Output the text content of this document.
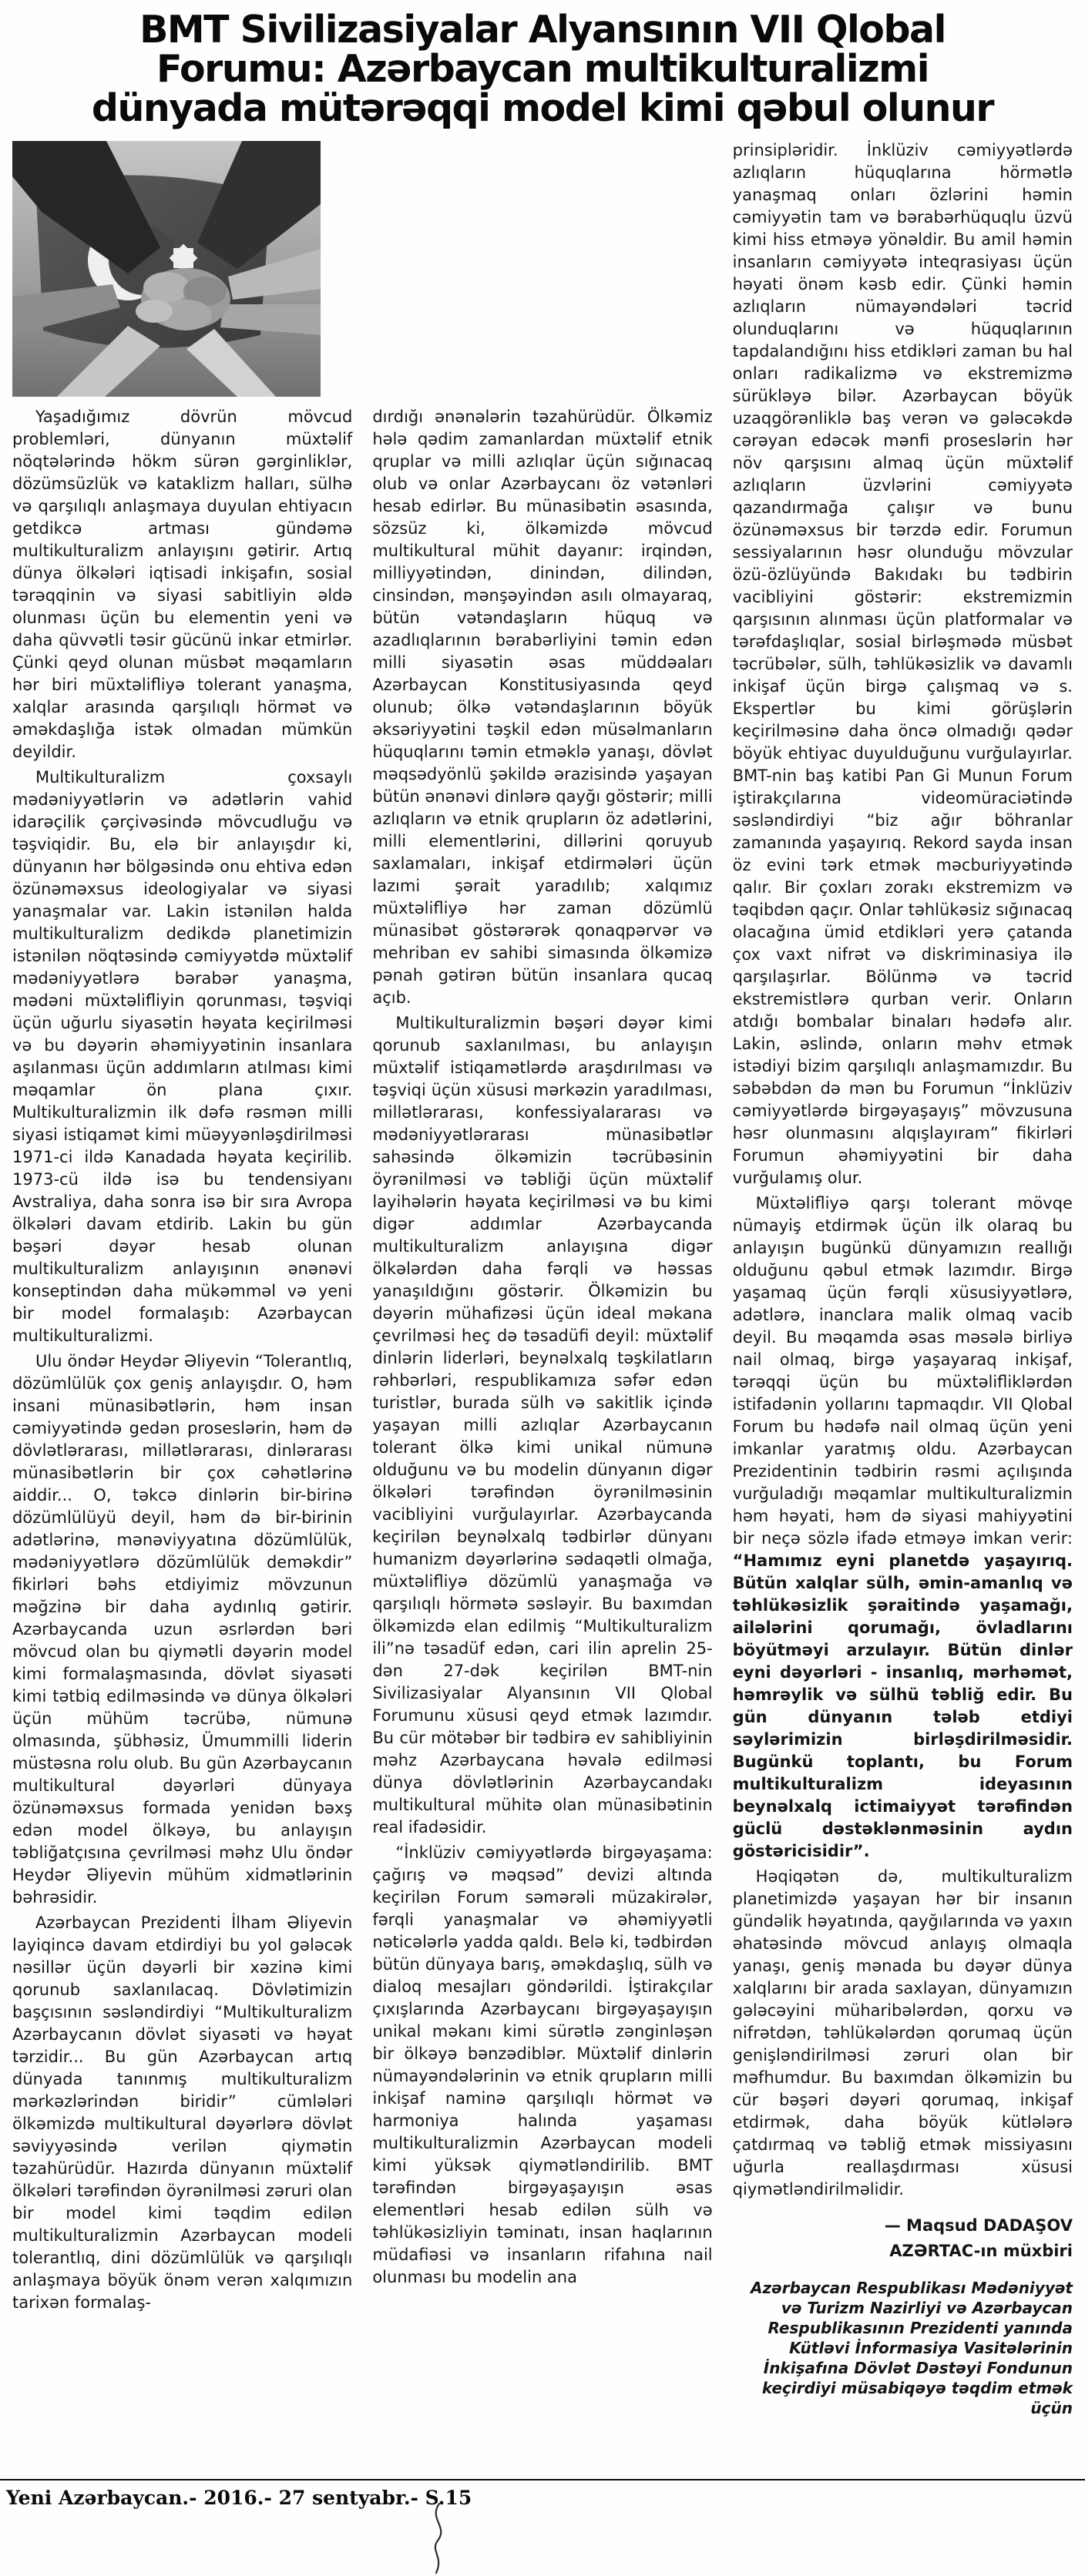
BMT Sivilizasiyalar Alyansının VII Qlobal
Forumu: Azərbaycan multikulturalizmi
dünyada mütərəqqi model kimi qəbul olunur

Yaşadığımız dövrün mövcud problemləri, dünyanın müxtəlif nöqtələrində hökm sürən gərginliklər, dözümsüzlük və kataklizm halları, sülhə və qarşılıqlı anlaşmaya duyulan ehtiyacın getdikcə artması gündəmə multikulturalizm anlayışını gətirir. Artıq dünya ölkələri iqtisadi inkişafın, sosial tərəqqinin və siyasi sabitliyin əldə olunması üçün bu elementin yeni və daha qüvvətli təsir gücünü inkar etmirlər. Çünki qeyd olunan müsbət məqamların hər biri müxtəlifliyə tolerant yanaşma, xalqlar arasında qarşılıqlı hörmət və əməkdaşlığa istək olmadan mümkün deyildir.

Multikulturalizm çoxsaylı mədəniyyətlərin və adətlərin vahid idarəçilik çərçivəsində mövcudluğu və təşviqidir. Bu, elə bir anlayışdır ki, dünyanın hər bölgəsində onu ehtiva edən özünəməxsus ideologiyalar və siyasi yanaşmalar var. Lakin istənilən halda multikulturalizm dedikdə planetimizin istənilən nöqtəsində cəmiyyətdə müxtəlif mədəniyyətlərə bərabər yanaşma, mədəni müxtəlifliyin qorunması, təşviqi üçün uğurlu siyasətin həyata keçirilməsi və bu dəyərin əhəmiyyətinin insanlara aşılanması üçün addımların atılması kimi məqamlar ön plana çıxır. Multikulturalizmin ilk dəfə rəsmən milli siyasi istiqamət kimi müəyyənləşdirilməsi 1971-ci ildə Kanadada həyata keçirilib. 1973-cü ildə isə bu tendensiyanı Avstraliya, daha sonra isə bir sıra Avropa ölkələri davam etdirib. Lakin bu gün bəşəri dəyər hesab olunan multikulturalizm anlayışının ənənəvi konseptindən daha mükəmməl və yeni bir model formalaşıb: Azərbaycan multikulturalizmi.

Ulu öndər Heydər Əliyevin “Tolerantlıq, dözümlülük çox geniş anlayışdır. O, həm insani münasibətlərin, həm insan cəmiyyətində gedən proseslərin, həm də dövlətlərarası, millətlərarası, dinlərarası münasibətlərin bir çox cəhətlərinə aiddir... O, təkcə dinlərin bir-birinə dözümlülüyü deyil, həm də bir-birinin adətlərinə, mənəviyyatına dözümlülük, mədəniyyətlərə dözümlülük deməkdir” fikirləri bəhs etdiyimiz mövzunun məğzinə bir daha aydınlıq gətirir. Azərbaycanda uzun əsrlərdən bəri mövcud olan bu qiymətli dəyərin model kimi formalaşmasında, dövlət siyasəti kimi tətbiq edilməsində və dünya ölkələri üçün mühüm təcrübə, nümunə olmasında, şübhəsiz, Ümummilli liderin müstəsna rolu olub. Bu gün Azərbaycanın multikultural dəyərləri dünyaya özünəməxsus formada yenidən bəxş edən model ölkəyə, bu anlayışın təbliğatçısına çevrilməsi məhz Ulu öndər Heydər Əliyevin mühüm xidmətlərinin bəhrəsidir.

Azərbaycan Prezidenti İlham Əliyevin layiqincə davam etdirdiyi bu yol gələcək nəsillər üçün dəyərli bir xəzinə kimi qorunub saxlanılacaq. Dövlətimizin başçısının səsləndirdiyi “Multikulturalizm Azərbaycanın dövlət siyasəti və həyat tərzidir... Bu gün Azərbaycan artıq dünyada tanınmış multikulturalizm mərkəzlərindən biridir” cümlələri ölkəmizdə multikultural dəyərlərə dövlət səviyyəsində verilən qiymətin təzahürüdür. Hazırda dünyanın müxtəlif ölkələri tərəfindən öyrənilməsi zəruri olan bir model kimi təqdim edilən multikulturalizmin Azərbaycan modeli tolerantlıq, dini dözümlülük və qarşılıqlı anlaşmaya böyük önəm verən xalqımızın tarixən formalaş-

dırdığı ənənələrin təzahürüdür. Ölkəmiz hələ qədim zamanlardan müxtəlif etnik qruplar və milli azlıqlar üçün sığınacaq olub və onlar Azərbaycanı öz vətənləri hesab edirlər. Bu münasibətin əsasında, sözsüz ki, ölkəmizdə mövcud multikultural mühit dayanır: irqindən, milliyyətindən, dinindən, dilindən, cinsindən, mənşəyindən asılı olmayaraq, bütün vətəndaşların hüquq və azadlıqlarının bərabərliyini təmin edən milli siyasətin əsas müddəaları Azərbaycan Konstitusiyasında qeyd olunub; ölkə vətəndaşlarının böyük əksəriyyətini təşkil edən müsəlmanların hüquqlarını təmin etməklə yanaşı, dövlət məqsədyönlü şəkildə ərazisində yaşayan bütün ənənəvi dinlərə qayğı göstərir; milli azlıqların və etnik qrupların öz adətlərini, milli elementlərini, dillərini qoruyub saxlamaları, inkişaf etdirmələri üçün lazımi şərait yaradılıb; xalqımız müxtəlifliyə hər zaman dözümlü münasibət göstərərək qonaqpərvər və mehriban ev sahibi simasında ölkəmizə pənah gətirən bütün insanlara qucaq açıb.

Multikulturalizmin bəşəri dəyər kimi qorunub saxlanılması, bu anlayışın müxtəlif istiqamətlərdə araşdırılması və təşviqi üçün xüsusi mərkəzin yaradılması, millətlərarası, konfessiyalararası və mədəniyyətlərarası münasibətlər sahəsində ölkəmizin təcrübəsinin öyrənilməsi və təbliği üçün müxtəlif layihələrin həyata keçirilməsi və bu kimi digər addımlar Azərbaycanda multikulturalizm anlayışına digər ölkələrdən daha fərqli və həssas yanaşıldığını göstərir. Ölkəmizin bu dəyərin mühafizəsi üçün ideal məkana çevrilməsi heç də təsadüfi deyil: müxtəlif dinlərin liderləri, beynəlxalq təşkilatların rəhbərləri, respublikamıza səfər edən turistlər, burada sülh və sakitlik içində yaşayan milli azlıqlar Azərbaycanın tolerant ölkə kimi unikal nümunə olduğunu və bu modelin dünyanın digər ölkələri tərəfindən öyrənilməsinin vacibliyini vurğulayırlar. Azərbaycanda keçirilən beynəlxalq tədbirlər dünyanı humanizm dəyərlərinə sədaqətli olmağa, müxtəlifliyə dözümlü yanaşmağa və qarşılıqlı hörmətə səsləyir. Bu baxımdan ölkəmizdə elan edilmiş “Multikulturalizm ili”nə təsadüf edən, cari ilin aprelin 25-dən 27-dək keçirilən BMT-nin Sivilizasiyalar Alyansının VII Qlobal Forumunu xüsusi qeyd etmək lazımdır. Bu cür mötəbər bir tədbirə ev sahibliyinin məhz Azərbaycana həvalə edilməsi dünya dövlətlərinin Azərbaycandakı multikultural mühitə olan münasibətinin real ifadəsidir.

“İnklüziv cəmiyyətlərdə birgəyaşama: çağırış və məqsəd” devizi altında keçirilən Forum səmərəli müzakirələr, fərqli yanaşmalar və əhəmiyyətli nəticələrlə yadda qaldı. Belə ki, tədbirdən bütün dünyaya barış, əməkdaşlıq, sülh və dialoq mesajları göndərildi. İştirakçılar çıxışlarında Azərbaycanı birgəyaşayışın unikal məkanı kimi sürətlə zənginləşən bir ölkəyə bənzədiblər. Müxtəlif dinlərin nümayəndələrinin və etnik qrupların milli inkişaf naminə qarşılıqlı hörmət və harmoniya halında yaşaması multikulturalizmin Azərbaycan modeli kimi yüksək qiymətləndirilib. BMT tərəfindən birgəyaşayışın əsas elementləri hesab edilən sülh və təhlükəsizliyin təminatı, insan haqlarının müdafiəsi və insanların rifahına nail olunması bu modelin ana

prinsipləridir. İnklüziv cəmiyyətlərdə azlıqların hüquqlarına hörmətlə yanaşmaq onları özlərini həmin cəmiyyətin tam və bərabərhüquqlu üzvü kimi hiss etməyə yönəldir. Bu amil həmin insanların cəmiyyətə inteqrasiyası üçün həyati önəm kəsb edir. Çünki həmin azlıqların nümayəndələri təcrid olunduqlarını və hüquqlarının tapdalandığını hiss etdikləri zaman bu hal onları radikalizmə və ekstremizmə sürükləyə bilər. Azərbaycan böyük uzaqgörənliklə baş verən və gələcəkdə cərəyan edəcək mənfi proseslərin hər növ qarşısını almaq üçün müxtəlif azlıqların üzvlərini cəmiyyətə qazandırmağa çalışır və bunu özünəməxsus bir tərzdə edir. Forumun sessiyalarının həsr olunduğu mövzular özü-özlüyündə Bakıdakı bu tədbirin vacibliyini göstərir: ekstremizmin qarşısının alınması üçün platformalar və tərəfdaşlıqlar, sosial birləşmədə müsbət təcrübələr, sülh, təhlükəsizlik və davamlı inkişaf üçün birgə çalışmaq və s. Ekspertlər bu kimi görüşlərin keçirilməsinə daha öncə olmadığı qədər böyük ehtiyac duyulduğunu vurğulayırlar. BMT-nin baş katibi Pan Gi Munun Forum iştirakçılarına videomüraciətində səsləndirdiyi “biz ağır böhranlar zamanında yaşayırıq. Rekord sayda insan öz evini tərk etmək məcburiyyətində qalır. Bir çoxları zorakı ekstremizm və təqibdən qaçır. Onlar təhlükəsiz sığınacaq olacağına ümid etdikləri yerə çatanda çox vaxt nifrət və diskriminasiya ilə qarşılaşırlar. Bölünmə və təcrid ekstremistlərə qurban verir. Onların atdığı bombalar binaları hədəfə alır. Lakin, əslində, onların məhv etmək istədiyi bizim qarşılıqlı anlaşmamızdır. Bu səbəbdən də mən bu Forumun “İnklüziv cəmiyyətlərdə birgəyaşayış” mövzusuna həsr olunmasını alqışlayıram” fikirləri Forumun əhəmiyyətini bir daha vurğulamış olur.

Müxtəlifliyə qarşı tolerant mövqe nümayiş etdirmək üçün ilk olaraq bu anlayışın bugünkü dünyamızın reallığı olduğunu qəbul etmək lazımdır. Birgə yaşamaq üçün fərqli xüsusiyyətlərə, adətlərə, inanclara malik olmaq vacib deyil. Bu məqamda əsas məsələ birliyə nail olmaq, birgə yaşayaraq inkişaf, tərəqqi üçün bu müxtəlifliklərdən istifadənin yollarını tapmaqdır. VII Qlobal Forum bu hədəfə nail olmaq üçün yeni imkanlar yaratmış oldu. Azərbaycan Prezidentinin tədbirin rəsmi açılışında vurğuladığı məqamlar multikulturalizmin həm həyati, həm də siyasi mahiyyətini bir neçə sözlə ifadə etməyə imkan verir: “Hamımız eyni planetdə yaşayırıq. Bütün xalqlar sülh, əmin-amanlıq və təhlükəsizlik şəraitində yaşamağı, ailələrini qorumağı, övladlarını böyütməyi arzulayır. Bütün dinlər eyni dəyərləri - insanlıq, mərhəmət, həmrəylik və sülhü təbliğ edir. Bu gün dünyanın tələb etdiyi səylərimizin birləşdirilməsidir. Bugünkü toplantı, bu Forum multikulturalizm ideyasının beynəlxalq ictimaiyyət tərəfindən güclü dəstəklənməsinin aydın göstəricisidir”.

Həqiqətən də, multikulturalizm planetimizdə yaşayan hər bir insanın gündəlik həyatında, qayğılarında və yaxın əhatəsində mövcud anlayış olmaqla yanaşı, geniş mənada bu dəyər dünya xalqlarını bir arada saxlayan, dünyamızın gələcəyini müharibələrdən, qorxu və nifrətdən, təhlükələrdən qorumaq üçün genişləndirilməsi zəruri olan bir məfhumdur. Bu baxımdan ölkəmizin bu cür bəşəri dəyəri qorumaq, inkişaf etdirmək, daha böyük kütlələrə çatdırmaq və təbliğ etmək missiyasını uğurla reallaşdırması xüsusi qiymətləndirilməlidir.

— Maqsud DADAŞOV

AZƏRTAC-ın müxbiri

Azərbaycan Respublikası Mədəniyyət və Turizm Nazirliyi və Azərbaycan Respublikasının Prezidenti yanında Kütləvi İnformasiya Vasitələrinin İnkişafına Dövlət Dəstəyi Fondunun keçirdiyi müsabiqəyə təqdim etmək üçün

Yeni Azərbaycan.- 2016.- 27 sentyabr.- S.15
